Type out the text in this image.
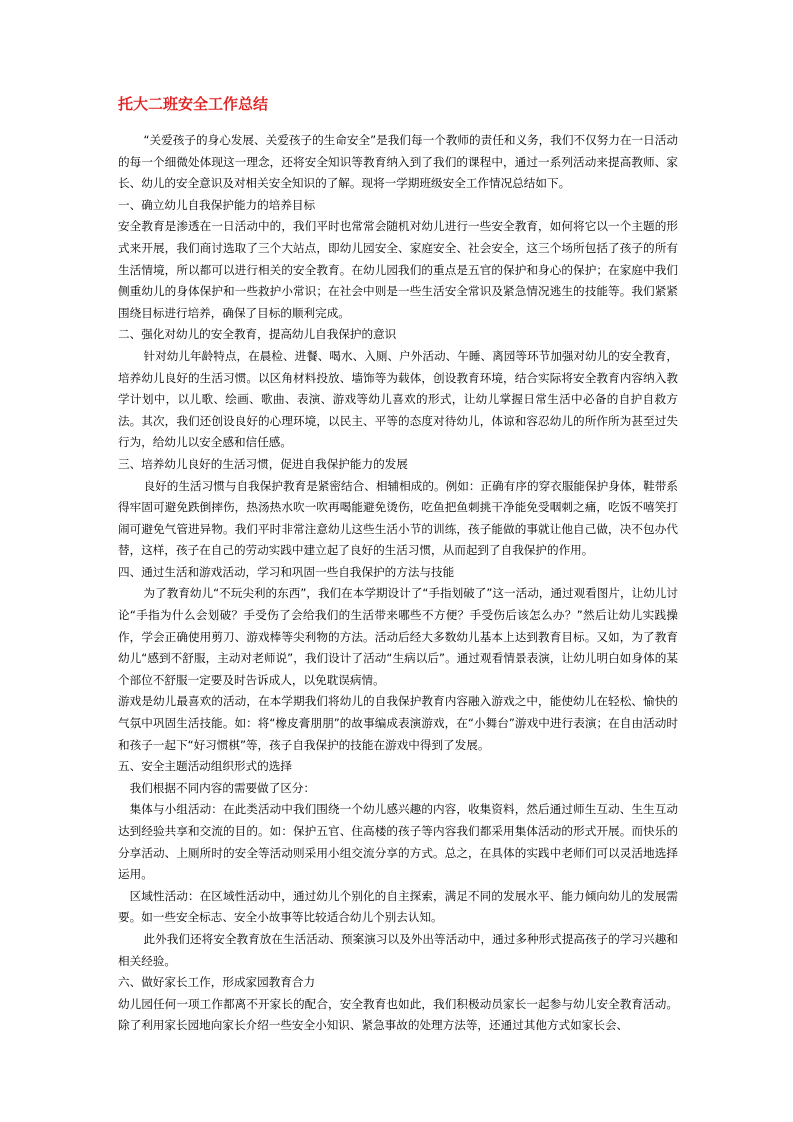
托大二班安全工作总结

“关爱孩子的身心发展、关爱孩子的生命安全”是我们每一个教师的责任和义务，我们不仅努力在一日活动的每一个细微处体现这一理念，还将安全知识等教育纳入到了我们的课程中，通过一系列活动来提高教师、家长、幼儿的安全意识及对相关安全知识的了解。现将一学期班级安全工作情况总结如下。

一、确立幼儿自我保护能力的培养目标

安全教育是渗透在一日活动中的，我们平时也常常会随机对幼儿进行一些安全教育，如何将它以一个主题的形式来开展，我们商讨选取了三个大站点，即幼儿园安全、家庭安全、社会安全，这三个场所包括了孩子的所有生活情境，所以都可以进行相关的安全教育。在幼儿园我们的重点是五官的保护和身心的保护；在家庭中我们侧重幼儿的身体保护和一些救护小常识；在社会中则是一些生活安全常识及紧急情况逃生的技能等。我们紧紧围绕目标进行培养，确保了目标的顺利完成。

二、强化对幼儿的安全教育，提高幼儿自我保护的意识

针对幼儿年龄特点，在晨检、进餐、喝水、入厕、户外活动、午睡、离园等环节加强对幼儿的安全教育，培养幼儿良好的生活习惯。以区角材料投放、墙饰等为载体，创设教育环境，结合实际将安全教育内容纳入教学计划中，以儿歌、绘画、歌曲、表演、游戏等幼儿喜欢的形式，让幼儿掌握日常生活中必备的自护自救方法。其次，我们还创设良好的心理环境，以民主、平等的态度对待幼儿，体谅和容忍幼儿的所作所为甚至过失行为，给幼儿以安全感和信任感。

三、培养幼儿良好的生活习惯，促进自我保护能力的发展

良好的生活习惯与自我保护教育是紧密结合、相辅相成的。例如：正确有序的穿衣服能保护身体，鞋带系得牢固可避免跌倒摔伤，热汤热水吹一吹再喝能避免烫伤，吃鱼把鱼刺挑干净能免受咽刺之痛，吃饭不嘻笑打闹可避免气管进异物。我们平时非常注意幼儿这些生活小节的训练，孩子能做的事就让他自己做，决不包办代替，这样，孩子在自己的劳动实践中建立起了良好的生活习惯，从而起到了自我保护的作用。

四、通过生活和游戏活动，学习和巩固一些自我保护的方法与技能

为了教育幼儿“不玩尖利的东西”，我们在本学期设计了“手指划破了”这一活动，通过观看图片，让幼儿讨论“手指为什么会划破？手受伤了会给我们的生活带来哪些不方便？手受伤后该怎么办？”然后让幼儿实践操作，学会正确使用剪刀、游戏棒等尖利物的方法。活动后经大多数幼儿基本上达到教育目标。又如，为了教育幼儿“感到不舒服，主动对老师说”，我们设计了活动“生病以后”。通过观看情景表演，让幼儿明白如身体的某个部位不舒服一定要及时告诉成人，以免耽误病情。

游戏是幼儿最喜欢的活动，在本学期我们将幼儿的自我保护教育内容融入游戏之中，能使幼儿在轻松、愉快的气氛中巩固生活技能。如：将“橡皮膏朋朋”的故事编成表演游戏，在“小舞台”游戏中进行表演；在自由活动时和孩子一起下“好习惯棋”等，孩子自我保护的技能在游戏中得到了发展。

五、安全主题活动组织形式的选择

我们根据不同内容的需要做了区分：

集体与小组活动：在此类活动中我们围绕一个幼儿感兴趣的内容，收集资料，然后通过师生互动、生生互动达到经验共享和交流的目的。如：保护五官、住高楼的孩子等内容我们都采用集体活动的形式开展。而快乐的分享活动、上厕所时的安全等活动则采用小组交流分享的方式。总之，在具体的实践中老师们可以灵活地选择运用。

区域性活动：在区域性活动中，通过幼儿个别化的自主探索，满足不同的发展水平、能力倾向幼儿的发展需要。如一些安全标志、安全小故事等比较适合幼儿个别去认知。

此外我们还将安全教育放在生活活动、预案演习以及外出等活动中，通过多种形式提高孩子的学习兴趣和相关经验。

六、做好家长工作，形成家园教育合力

幼儿园任何一项工作都离不开家长的配合，安全教育也如此，我们积极动员家长一起参与幼儿安全教育活动。除了利用家长园地向家长介绍一些安全小知识、紧急事故的处理方法等，还通过其他方式如家长会、
